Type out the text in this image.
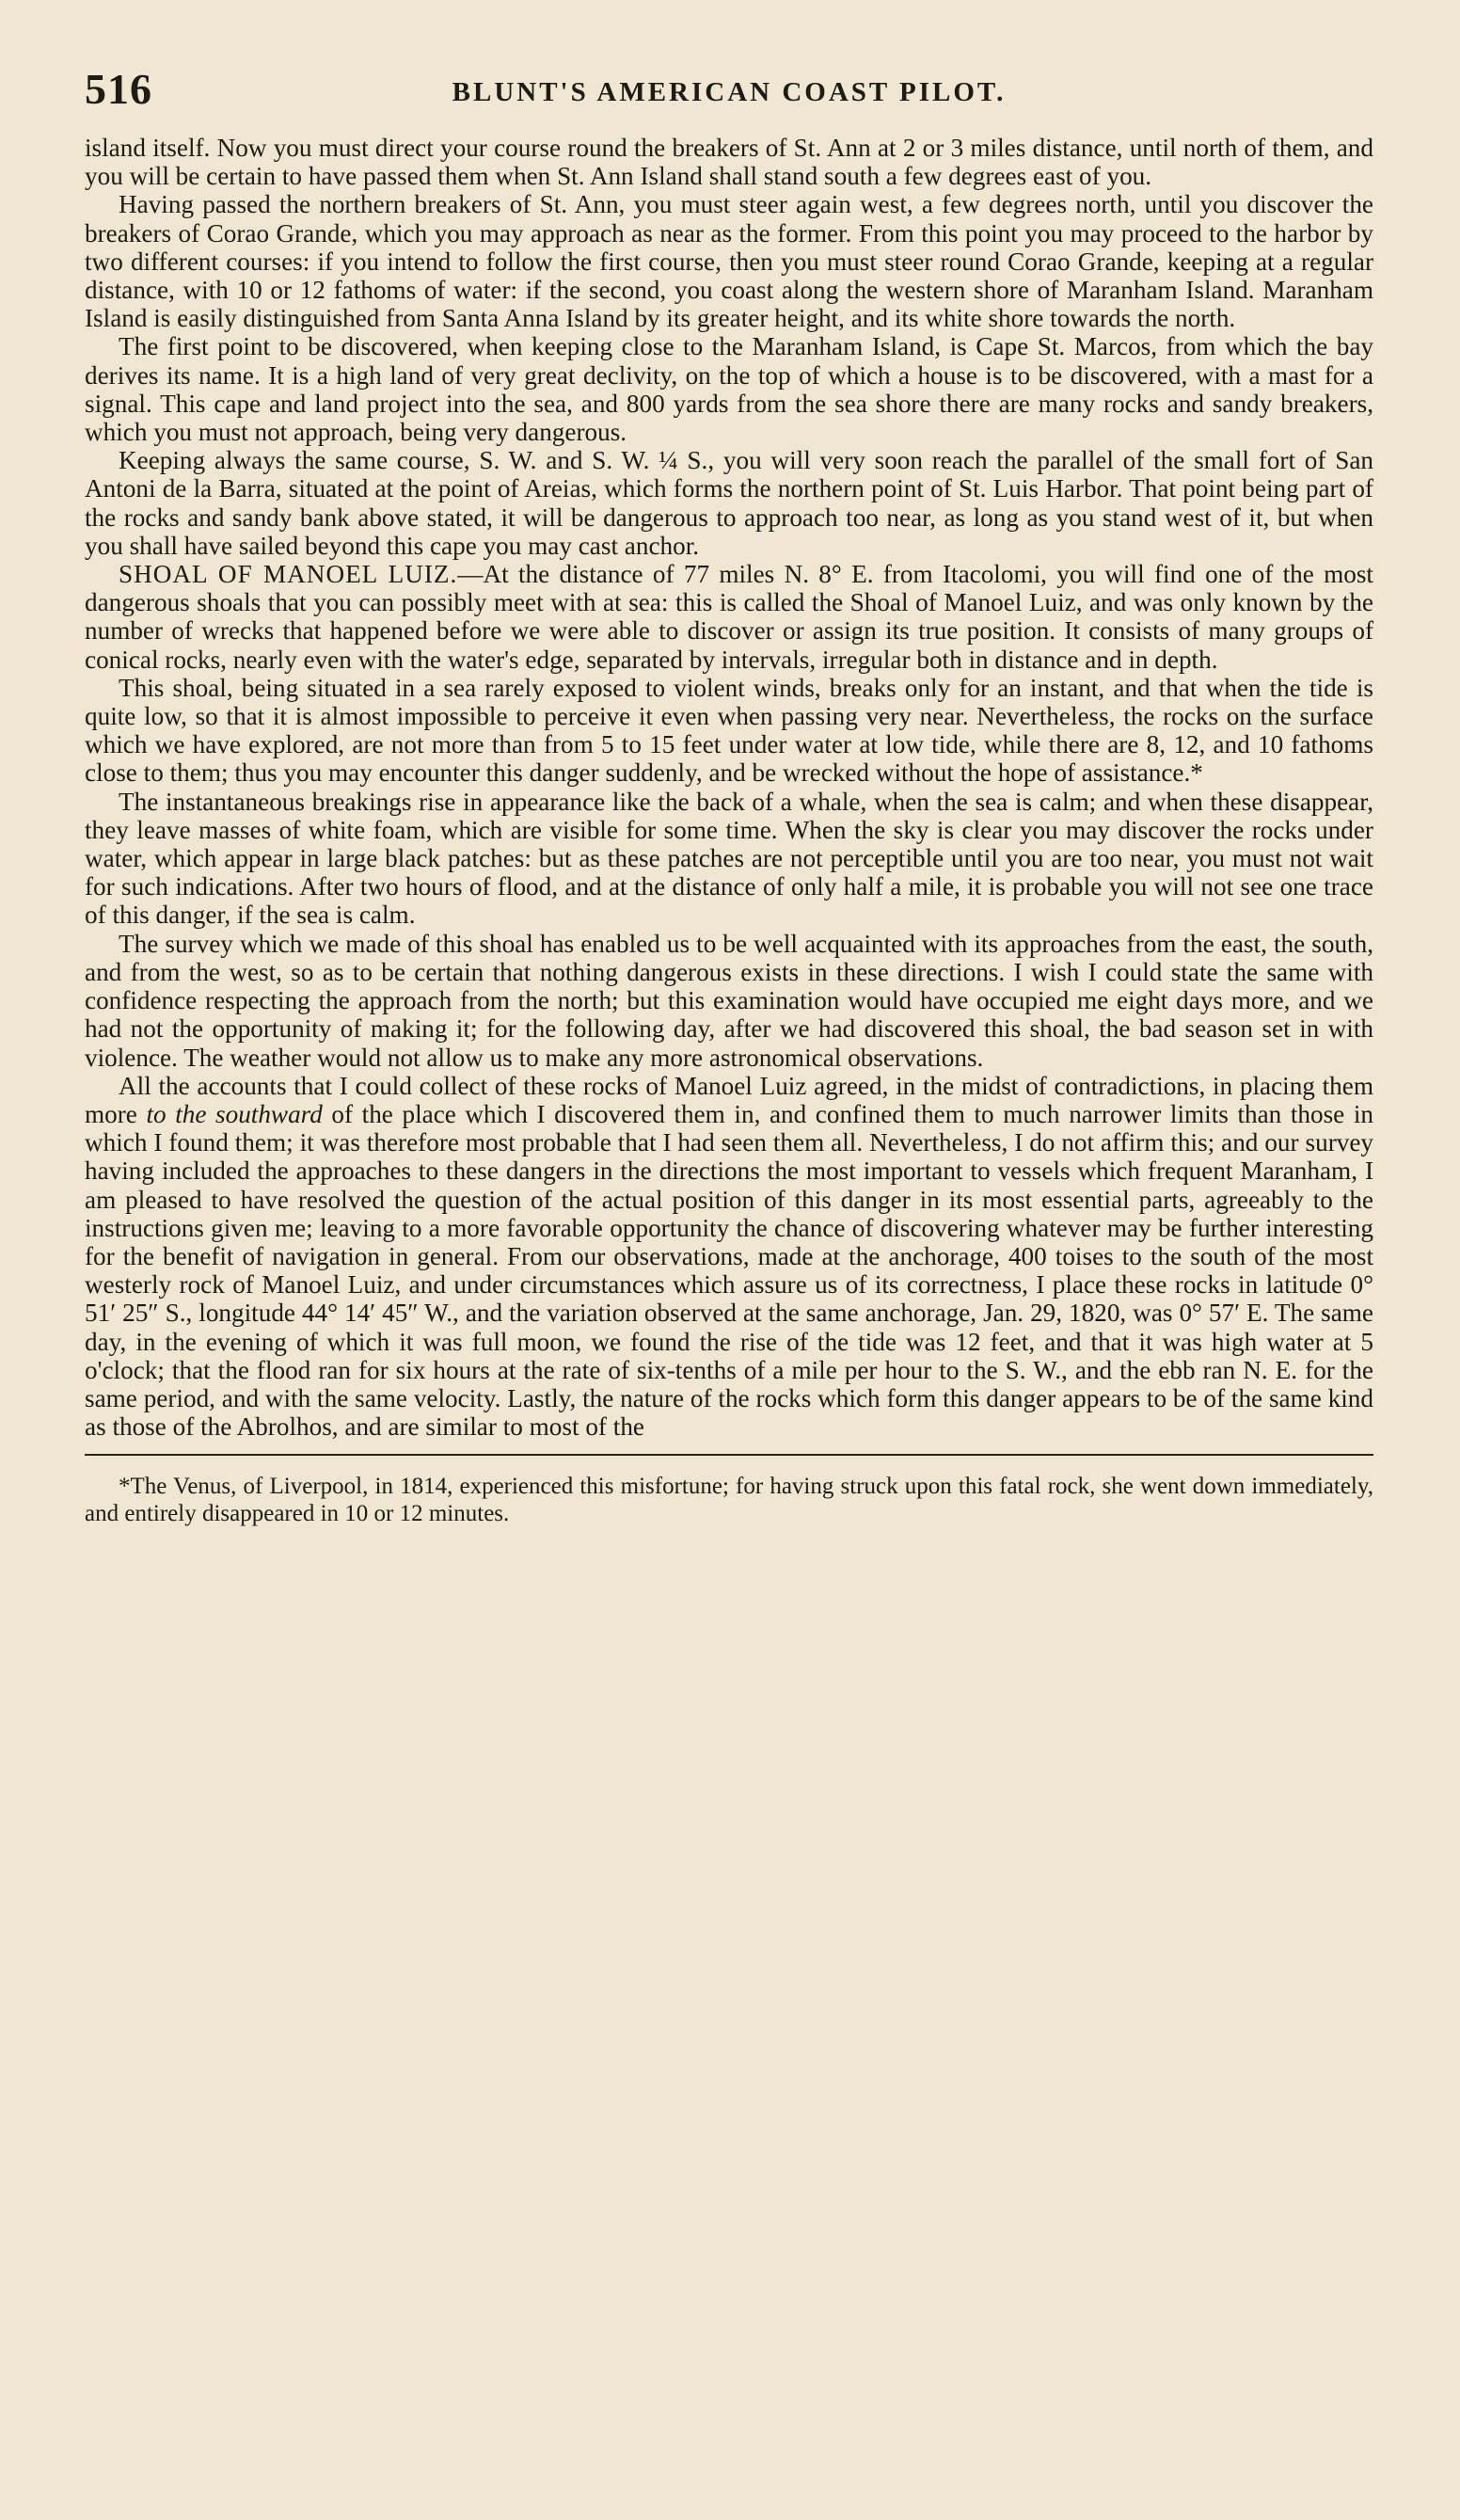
516	BLUNT'S AMERICAN COAST PILOT.

island itself. Now you must direct your course round the breakers of St. Ann at 2 or 3 miles distance, until north of them, and you will be certain to have passed them when St. Ann Island shall stand south a few degrees east of you.

Having passed the northern breakers of St. Ann, you must steer again west, a few degrees north, until you discover the breakers of Corao Grande, which you may approach as near as the former. From this point you may proceed to the harbor by two different courses: if you intend to follow the first course, then you must steer round Corao Grande, keeping at a regular distance, with 10 or 12 fathoms of water: if the second, you coast along the western shore of Maranham Island. Maranham Island is easily distinguished from Santa Anna Island by its greater height, and its white shore towards the north.

The first point to be discovered, when keeping close to the Maranham Island, is Cape St. Marcos, from which the bay derives its name. It is a high land of very great declivity, on the top of which a house is to be discovered, with a mast for a signal. This cape and land project into the sea, and 800 yards from the sea shore there are many rocks and sandy breakers, which you must not approach, being very dangerous.

Keeping always the same course, S. W. and S. W. ¼ S., you will very soon reach the parallel of the small fort of San Antoni de la Barra, situated at the point of Areias, which forms the northern point of St. Luis Harbor. That point being part of the rocks and sandy bank above stated, it will be dangerous to approach too near, as long as you stand west of it, but when you shall have sailed beyond this cape you may cast anchor.

SHOAL OF MANOEL LUIZ.—At the distance of 77 miles N. 8° E. from Itacolomi, you will find one of the most dangerous shoals that you can possibly meet with at sea: this is called the Shoal of Manoel Luiz, and was only known by the number of wrecks that happened before we were able to discover or assign its true position. It consists of many groups of conical rocks, nearly even with the water's edge, separated by intervals, irregular both in distance and in depth.

This shoal, being situated in a sea rarely exposed to violent winds, breaks only for an instant, and that when the tide is quite low, so that it is almost impossible to perceive it even when passing very near. Nevertheless, the rocks on the surface which we have explored, are not more than from 5 to 15 feet under water at low tide, while there are 8, 12, and 10 fathoms close to them; thus you may encounter this danger suddenly, and be wrecked without the hope of assistance.*

The instantaneous breakings rise in appearance like the back of a whale, when the sea is calm; and when these disappear, they leave masses of white foam, which are visible for some time. When the sky is clear you may discover the rocks under water, which appear in large black patches: but as these patches are not perceptible until you are too near, you must not wait for such indications. After two hours of flood, and at the distance of only half a mile, it is probable you will not see one trace of this danger, if the sea is calm.

The survey which we made of this shoal has enabled us to be well acquainted with its approaches from the east, the south, and from the west, so as to be certain that nothing dangerous exists in these directions. I wish I could state the same with confidence respecting the approach from the north; but this examination would have occupied me eight days more, and we had not the opportunity of making it; for the following day, after we had discovered this shoal, the bad season set in with violence. The weather would not allow us to make any more astronomical observations.

All the accounts that I could collect of these rocks of Manoel Luiz agreed, in the midst of contradictions, in placing them more to the southward of the place which I discovered them in, and confined them to much narrower limits than those in which I found them; it was therefore most probable that I had seen them all. Nevertheless, I do not affirm this; and our survey having included the approaches to these dangers in the directions the most important to vessels which frequent Maranham, I am pleased to have resolved the question of the actual position of this danger in its most essential parts, agreeably to the instructions given me; leaving to a more favorable opportunity the chance of discovering whatever may be further interesting for the benefit of navigation in general. From our observations, made at the anchorage, 400 toises to the south of the most westerly rock of Manoel Luiz, and under circumstances which assure us of its correctness, I place these rocks in latitude 0° 51′ 25″ S., longitude 44° 14′ 45″ W., and the variation observed at the same anchorage, Jan. 29, 1820, was 0° 57′ E. The same day, in the evening of which it was full moon, we found the rise of the tide was 12 feet, and that it was high water at 5 o'clock; that the flood ran for six hours at the rate of six-tenths of a mile per hour to the S. W., and the ebb ran N. E. for the same period, and with the same velocity. Lastly, the nature of the rocks which form this danger appears to be of the same kind as those of the Abrolhos, and are similar to most of the

*The Venus, of Liverpool, in 1814, experienced this misfortune; for having struck upon this fatal rock, she went down immediately, and entirely disappeared in 10 or 12 minutes.
